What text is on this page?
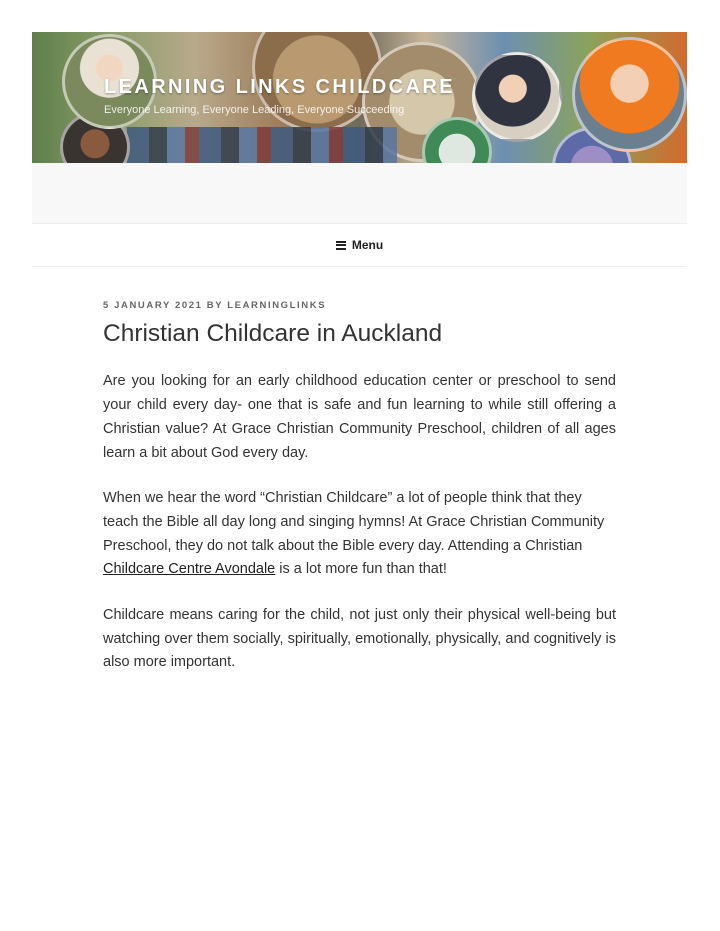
LEARNING LINKS CHILDCARE

Everyone Learning, Everyone Leading, Everyone Succeeding

Menu

5 JANUARY 2021 BY LEARNINGLINKS

Christian Childcare in Auckland

Are you looking for an early childhood education center or preschool to send your child every day- one that is safe and fun learning to while still offering a Christian value? At Grace Christian Community Preschool, children of all ages learn a bit about God every day.

When we hear the word “Christian Childcare” a lot of people think that they teach the Bible all day long and singing hymns! At Grace Christian Community Preschool, they do not talk about the Bible every day. Attending a Christian Childcare Centre Avondale is a lot more fun than that!

Childcare means caring for the child, not just only their physical well-being but watching over them socially, spiritually, emotionally, physically, and cognitively is also more important.
